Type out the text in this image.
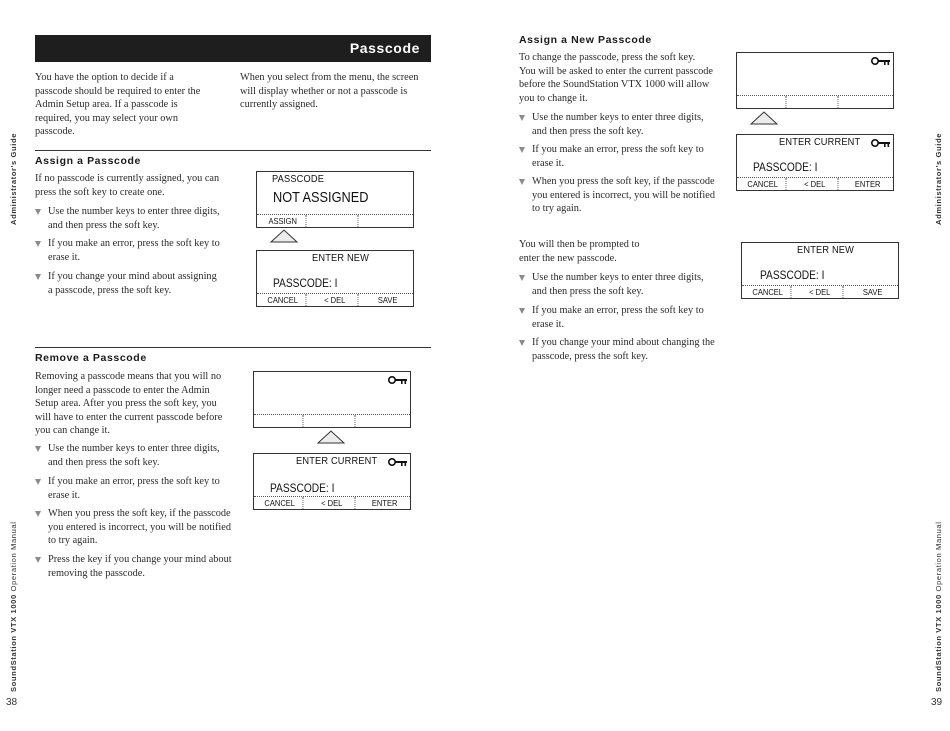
Administrator's Guide
SoundStation VTX 1000 Operation Manual
38
Administrator's Guide
SoundStation VTX 1000 Operation Manual
39
Passcode
You have the option to decide if a passcode should be required to enter the Admin Setup area. If a passcode is required, you may select your own passcode.
When you select from the menu, the screen will display whether or not a passcode is currently assigned.
Assign a Passcode
If no passcode is currently assigned, you can press the soft key to create one.
Use the number keys to enter three digits, and then press the soft key.
If you make an error, press the soft key to erase it.
If you change your mind about assigning a passcode, press the soft key.
PASSCODE
NOT ASSIGNED
ASSIGN
ENTER NEW
PASSCODE: I
CANCEL	< DEL	SAVE
Remove a Passcode
Removing a passcode means that you will no longer need a passcode to enter the Admin Setup area. After you press the soft key, you will have to enter the current passcode before you can change it.
Use the number keys to enter three digits, and then press the soft key.
If you make an error, press the soft key to erase it.
When you press the soft key, if the passcode you entered is incorrect, you will be notified to try again.
Press the key if you change your mind about removing the passcode.
ENTER CURRENT
PASSCODE: I
CANCEL	< DEL	ENTER
Assign a New Passcode
To change the passcode, press the soft key. You will be asked to enter the current passcode before the SoundStation VTX 1000 will allow you to change it.
Use the number keys to enter three digits, and then press the soft key.
If you make an error, press the soft key to erase it.
When you press the soft key, if the passcode you entered is incorrect, you will be notified to try again.
ENTER CURRENT
PASSCODE: I
CANCEL	< DEL	ENTER
You will then be prompted to enter the new passcode.
Use the number keys to enter three digits, and then press the soft key.
If you make an error, press the soft key to erase it.
If you change your mind about changing the passcode, press the soft key.
ENTER NEW
PASSCODE: I
CANCEL	< DEL	SAVE
